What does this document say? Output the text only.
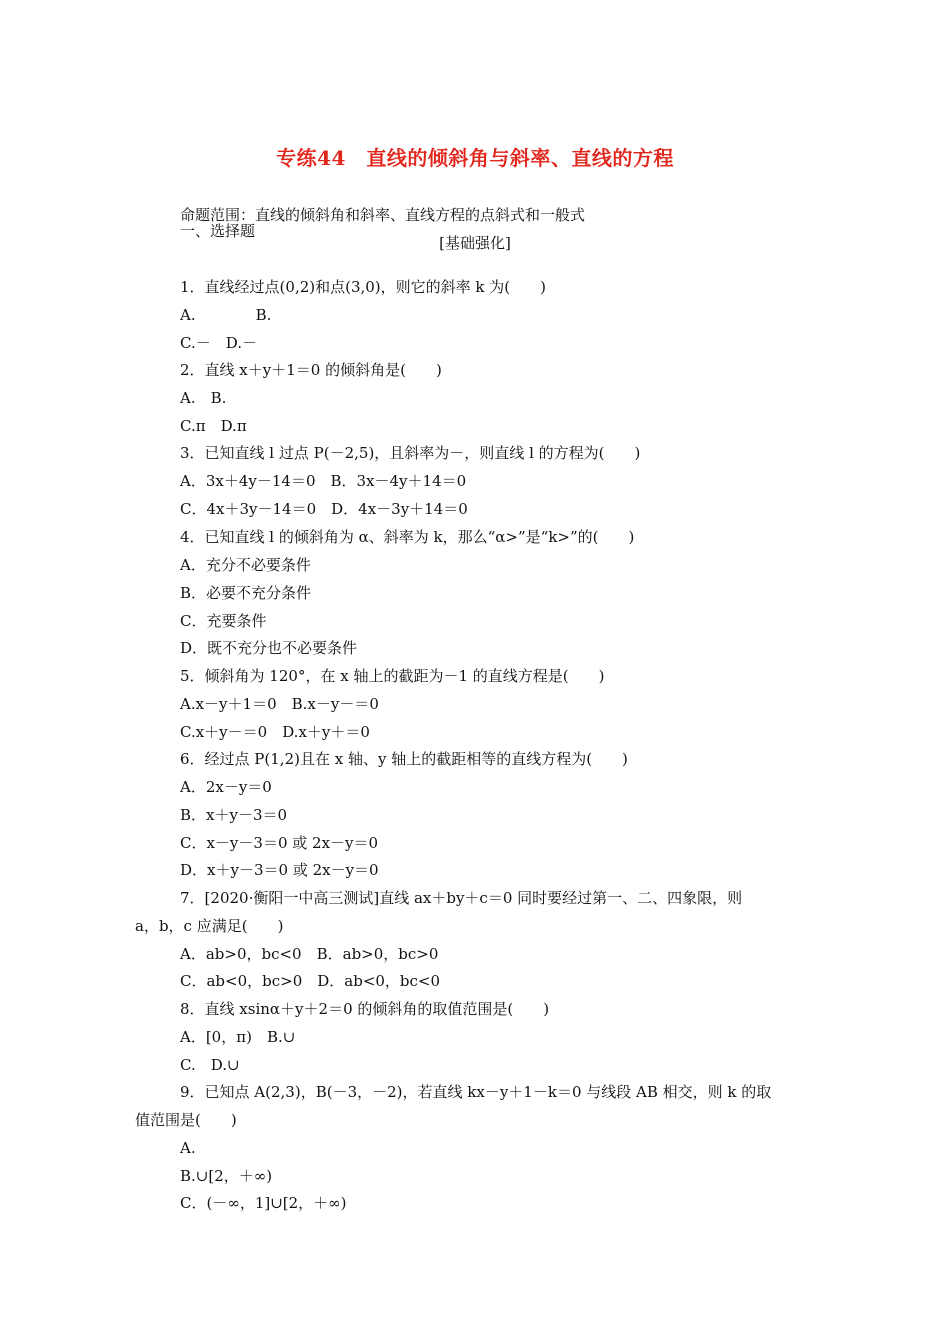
专练44　直线的倾斜角与斜率、直线的方程
命题范围：直线的倾斜角和斜率、直线方程的点斜式和一般式
[基础强化]
一、选择题
1．直线经过点(0,2)和点(3,0)，则它的斜率 k 为(　　)
A.　　　　B.
C.－　D.－
2．直线 x＋y＋1＝0 的倾斜角是(　　)
A.　B.
C.π　D.π
3．已知直线 l 过点 P(－2,5)，且斜率为－，则直线 l 的方程为(　　)
A．3x＋4y－14＝0　B．3x－4y＋14＝0
C．4x＋3y－14＝0　D．4x－3y＋14＝0
4．已知直线 l 的倾斜角为 α、斜率为 k，那么“α>”是“k>”的(　　)
A．充分不必要条件
B．必要不充分条件
C．充要条件
D．既不充分也不必要条件
5．倾斜角为 120°，在 x 轴上的截距为－1 的直线方程是(　　)
A.x－y＋1＝0　B.x－y－＝0
C.x＋y－＝0　D.x＋y＋＝0
6．经过点 P(1,2)且在 x 轴、y 轴上的截距相等的直线方程为(　　)
A．2x－y＝0
B．x＋y－3＝0
C．x－y－3＝0 或 2x－y＝0
D．x＋y－3＝0 或 2x－y＝0
7．[2020·衡阳一中高三测试]直线 ax＋by＋c＝0 同时要经过第一、二、四象限，则
a，b，c 应满足(　　)
A．ab>0，bc<0　B．ab>0，bc>0
C．ab<0，bc>0　D．ab<0，bc<0
8．直线 xsinα＋y＋2＝0 的倾斜角的取值范围是(　　)
A．[0，π)　B.∪
C.　D.∪
9．已知点 A(2,3)，B(－3，－2)，若直线 kx－y＋1－k＝0 与线段 AB 相交，则 k 的取
值范围是(　　)
A.
B.∪[2，＋∞)
C．(－∞，1]∪[2，＋∞)
